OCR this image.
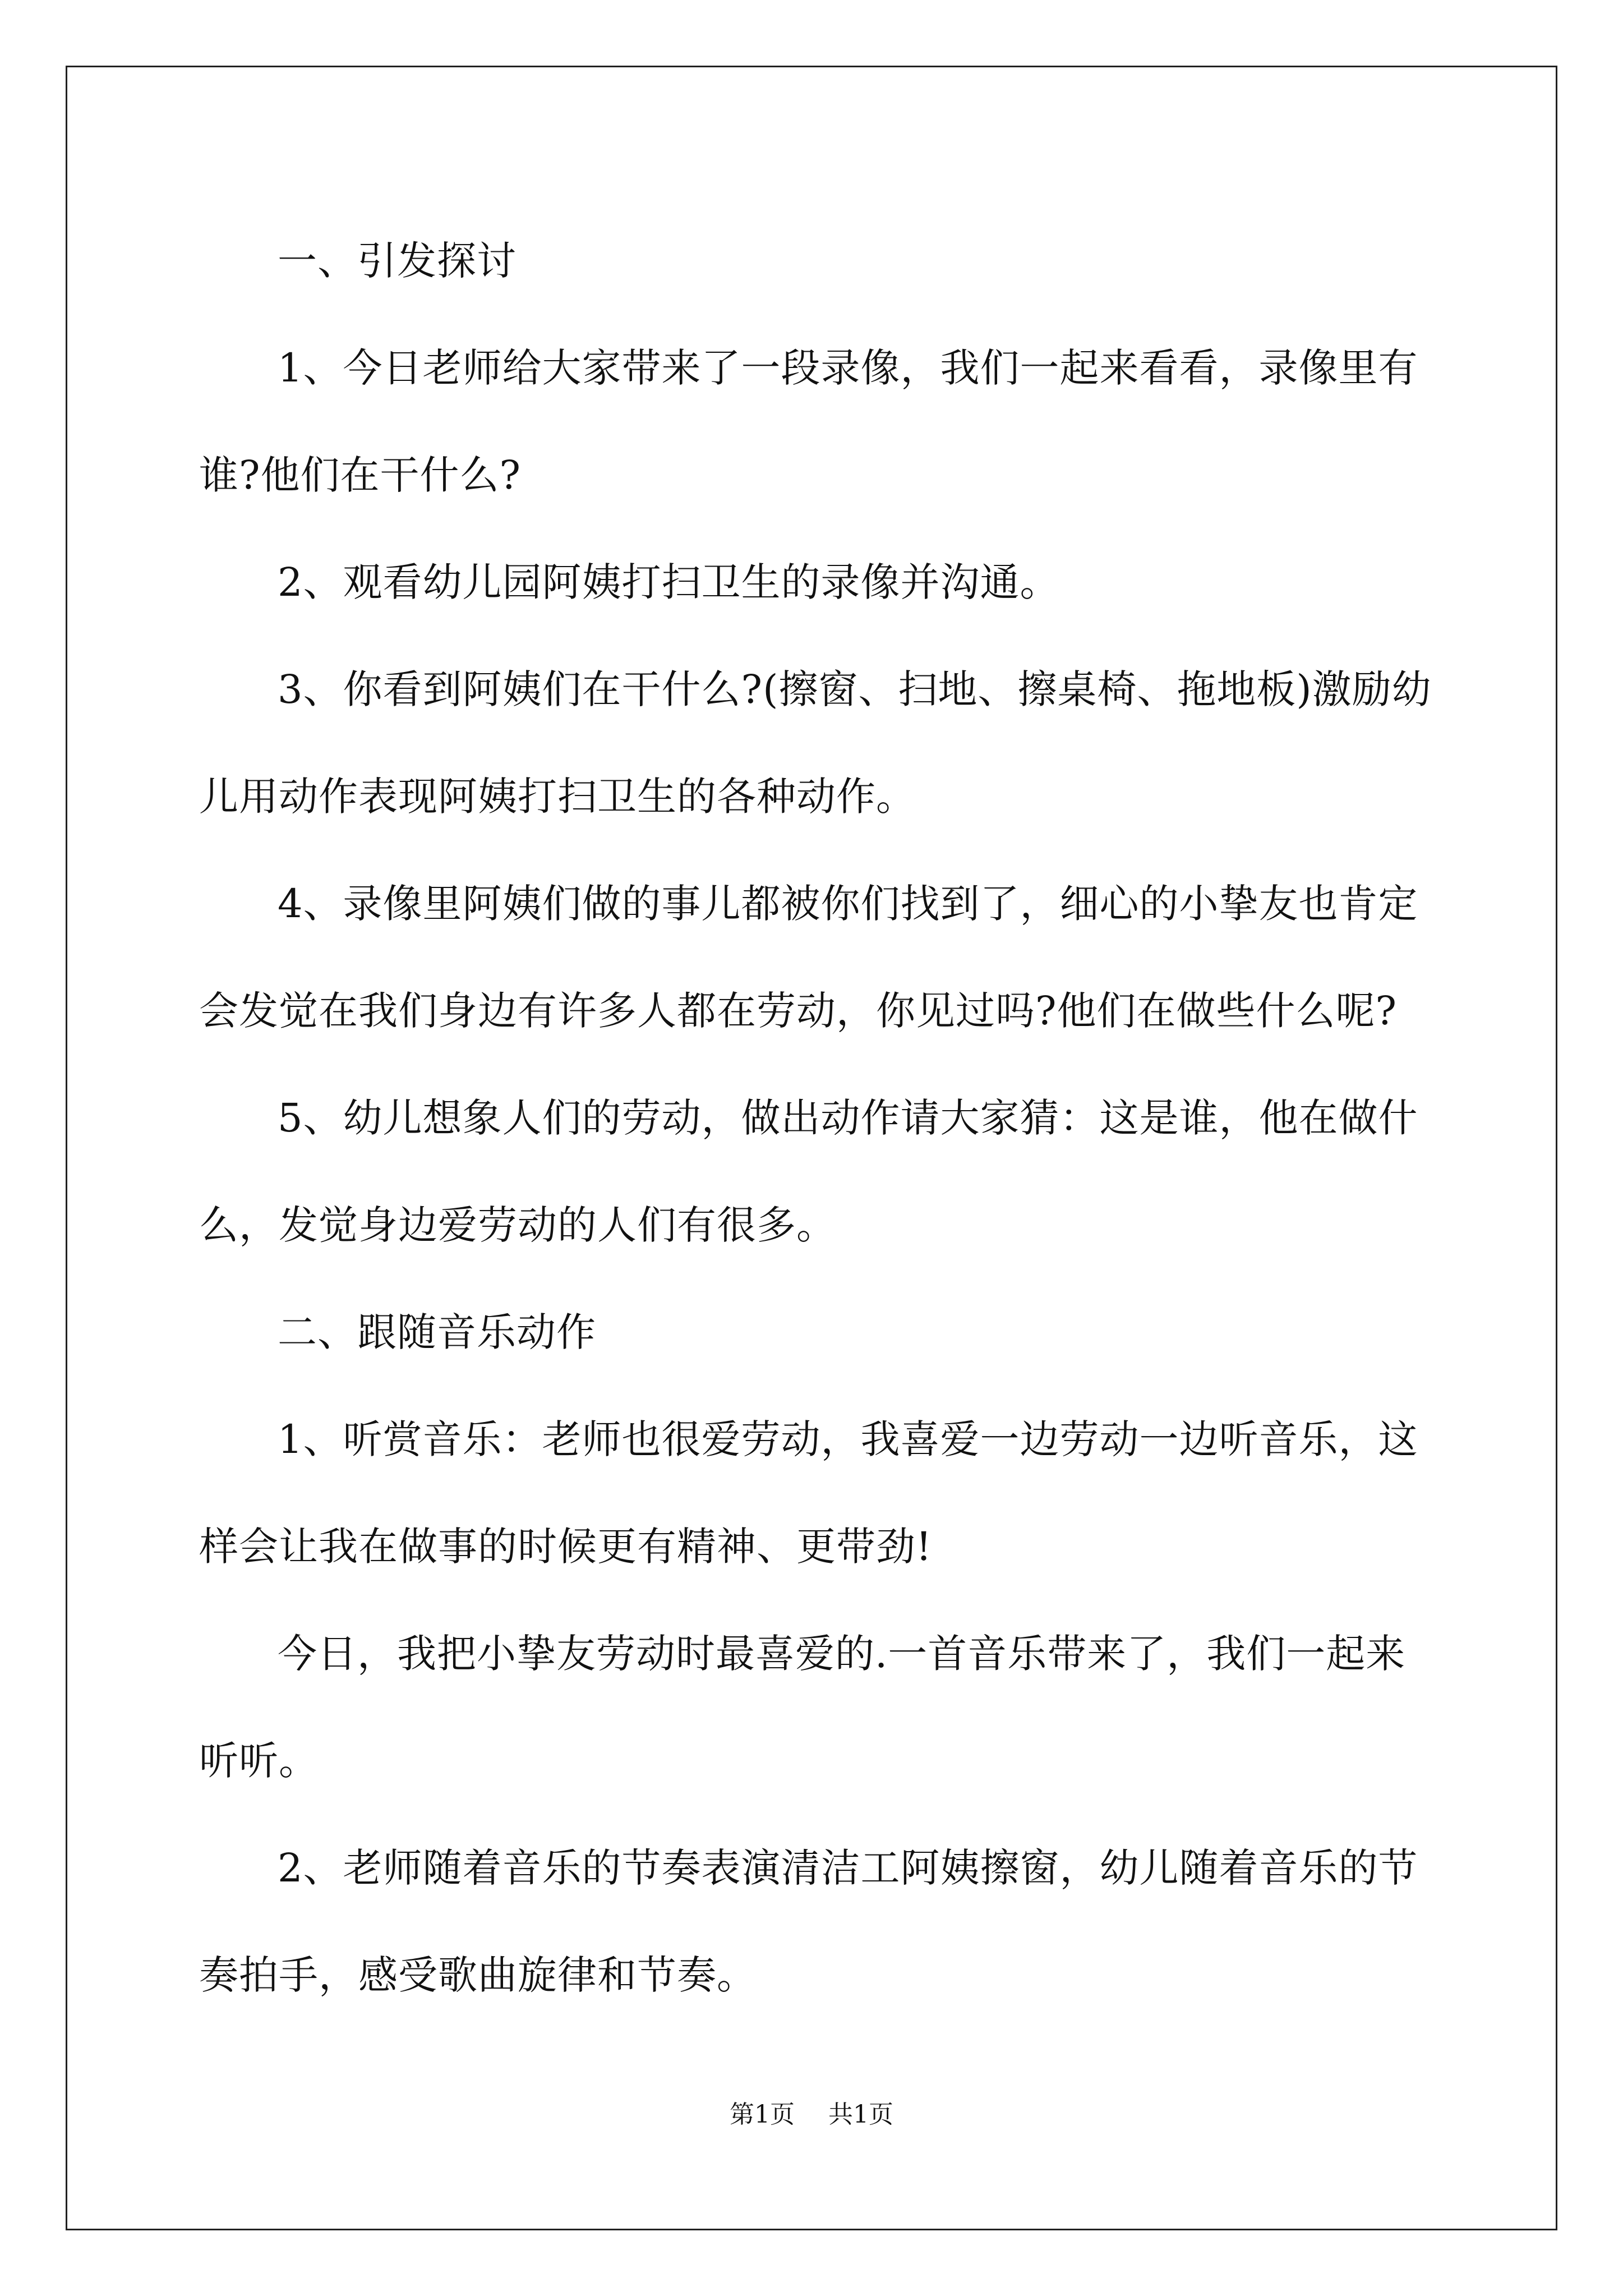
一、引发探讨

1、今日老师给大家带来了一段录像，我们一起来看看，录像里有谁?他们在干什么?

2、观看幼儿园阿姨打扫卫生的录像并沟通。

3、你看到阿姨们在干什么?(擦窗、扫地、擦桌椅、拖地板)激励幼儿用动作表现阿姨打扫卫生的各种动作。

4、录像里阿姨们做的事儿都被你们找到了，细心的小挚友也肯定会发觉在我们身边有许多人都在劳动，你见过吗?他们在做些什么呢?

5、幼儿想象人们的劳动，做出动作请大家猜：这是谁，他在做什么，发觉身边爱劳动的人们有很多。

二、跟随音乐动作

1、听赏音乐：老师也很爱劳动，我喜爱一边劳动一边听音乐，这样会让我在做事的时候更有精神、更带劲!

今日，我把小挚友劳动时最喜爱的.一首音乐带来了，我们一起来听听。

2、老师随着音乐的节奏表演清洁工阿姨擦窗，幼儿随着音乐的节奏拍手，感受歌曲旋律和节奏。

第1页 共1页
